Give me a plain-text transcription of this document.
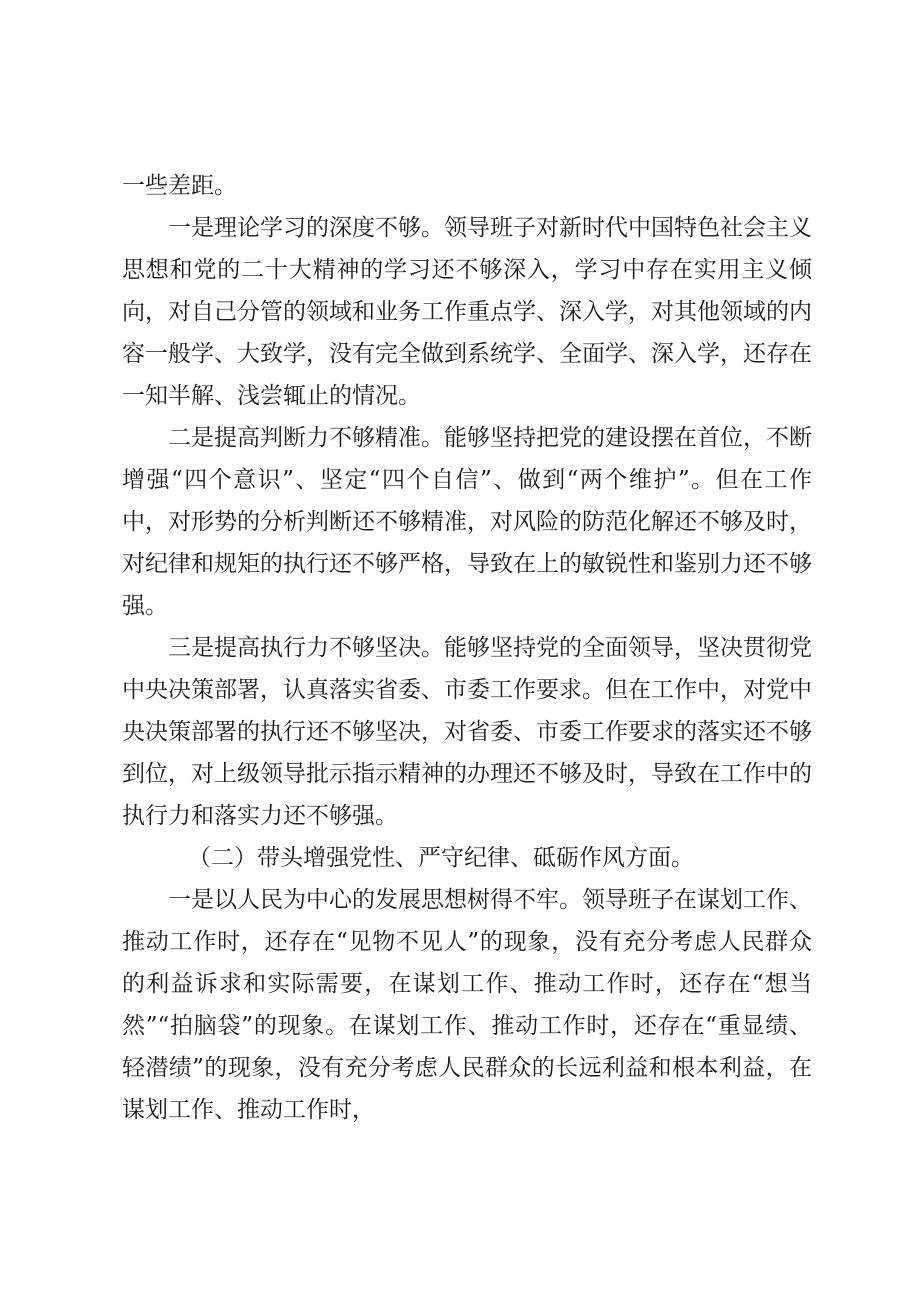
一些差距。

一是理论学习的深度不够。领导班子对新时代中国特色社会主义思想和党的二十大精神的学习还不够深入，学习中存在实用主义倾向，对自己分管的领域和业务工作重点学、深入学，对其他领域的内容一般学、大致学，没有完全做到系统学、全面学、深入学，还存在一知半解、浅尝辄止的情况。

二是提高判断力不够精准。能够坚持把党的建设摆在首位，不断增强“四个意识”、坚定“四个自信”、做到“两个维护”。但在工作中，对形势的分析判断还不够精准，对风险的防范化解还不够及时，对纪律和规矩的执行还不够严格，导致在上的敏锐性和鉴别力还不够强。

三是提高执行力不够坚决。能够坚持党的全面领导，坚决贯彻党中央决策部署，认真落实省委、市委工作要求。但在工作中，对党中央决策部署的执行还不够坚决，对省委、市委工作要求的落实还不够到位，对上级领导批示指示精神的办理还不够及时，导致在工作中的执行力和落实力还不够强。

（二）带头增强党性、严守纪律、砥砺作风方面。

一是以人民为中心的发展思想树得不牢。领导班子在谋划工作、推动工作时，还存在“见物不见人”的现象，没有充分考虑人民群众的利益诉求和实际需要，在谋划工作、推动工作时，还存在“想当然”“拍脑袋”的现象。在谋划工作、推动工作时，还存在“重显绩、轻潜绩”的现象，没有充分考虑人民群众的长远利益和根本利益，在谋划工作、推动工作时，
